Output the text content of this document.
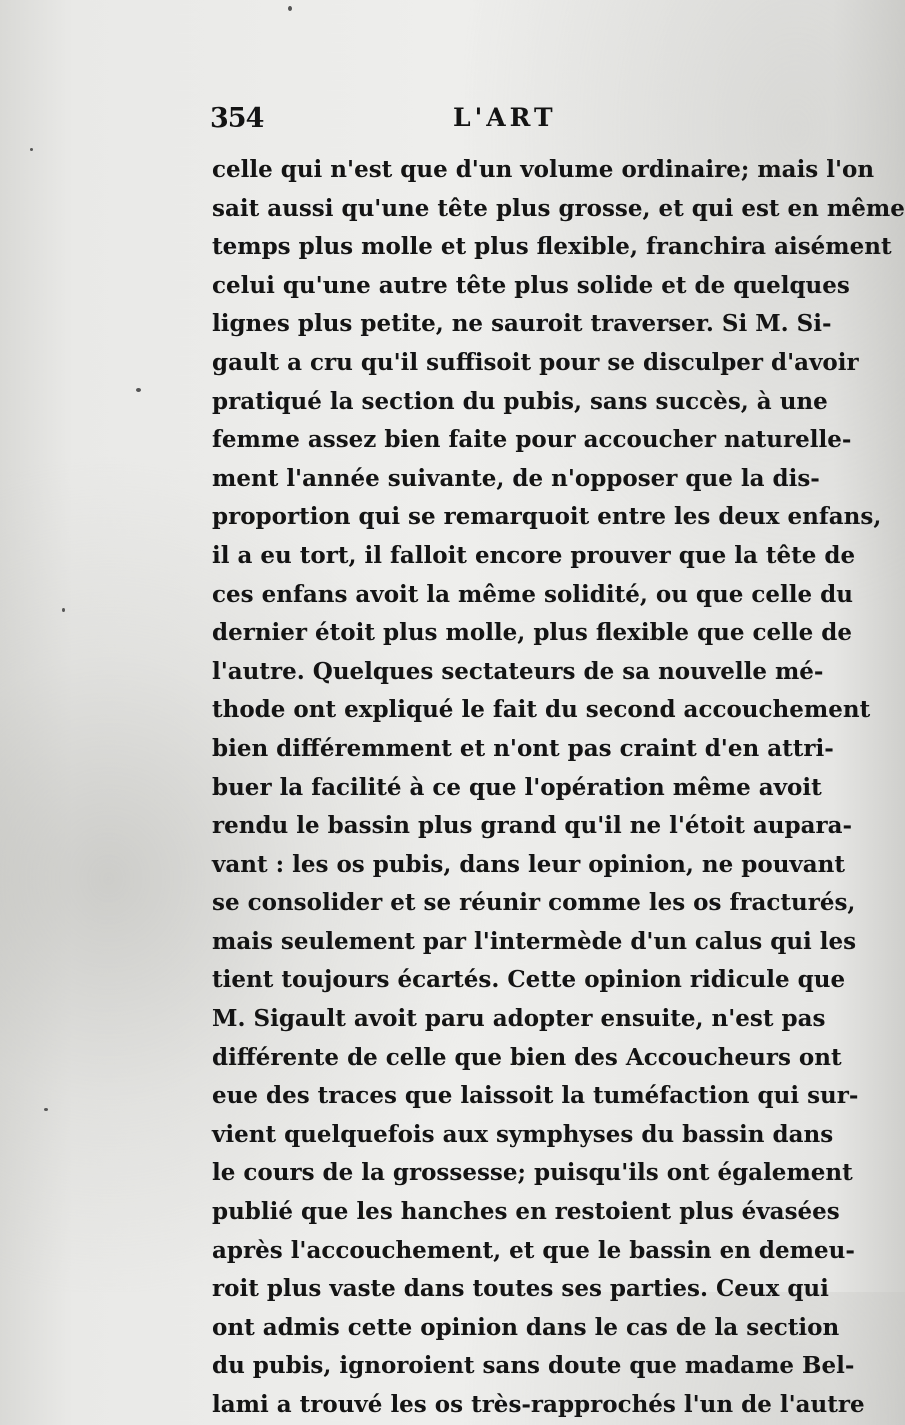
354	L'ART
celle qui n'est que d'un volume ordinaire; mais l'on
sait aussi qu'une tête plus grosse, et qui est en même
temps plus molle et plus flexible, franchira aisément
celui qu'une autre tête plus solide et de quelques
lignes plus petite, ne sauroit traverser. Si M. Si-
gault a cru qu'il suffisoit pour se disculper d'avoir
pratiqué la section du pubis, sans succès, à une
femme assez bien faite pour accoucher naturelle-
ment l'année suivante, de n'opposer que la dis-
proportion qui se remarquoit entre les deux enfans,
il a eu tort, il falloit encore prouver que la tête de
ces enfans avoit la même solidité, ou que celle du
dernier étoit plus molle, plus flexible que celle de
l'autre. Quelques sectateurs de sa nouvelle mé-
thode ont expliqué le fait du second accouchement
bien différemment et n'ont pas craint d'en attri-
buer la facilité à ce que l'opération même avoit
rendu le bassin plus grand qu'il ne l'étoit aupara-
vant : les os pubis, dans leur opinion, ne pouvant
se consolider et se réunir comme les os fracturés,
mais seulement par l'intermède d'un calus qui les
tient toujours écartés. Cette opinion ridicule que
M. Sigault avoit paru adopter ensuite, n'est pas
différente de celle que bien des Accoucheurs ont
eue des traces que laissoit la tuméfaction qui sur-
vient quelquefois aux symphyses du bassin dans
le cours de la grossesse; puisqu'ils ont également
publié que les hanches en restoient plus évasées
après l'accouchement, et que le bassin en demeu-
roit plus vaste dans toutes ses parties. Ceux qui
ont admis cette opinion dans le cas de la section
du pubis, ignoroient sans doute que madame Bel-
lami a trouvé les os très-rapprochés l'un de l'autre
